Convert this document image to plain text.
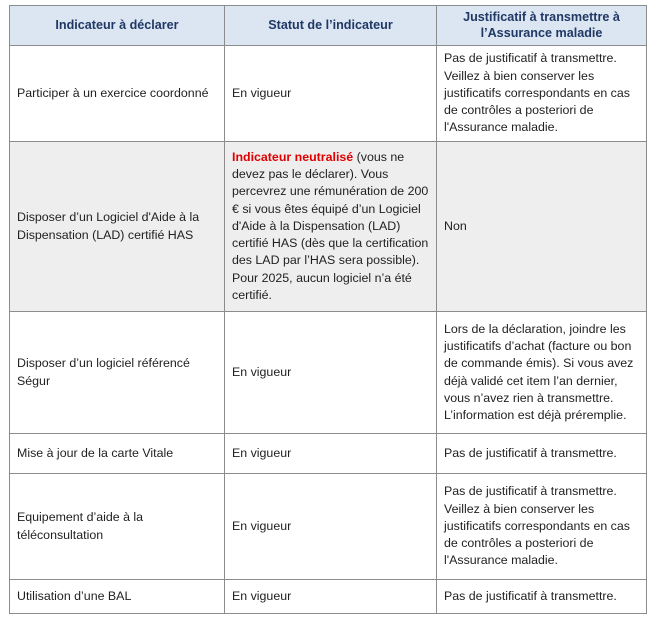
Indicateur à déclarer	Statut de l’indicateur	Justificatif à transmettre à l’Assurance maladie
Participer à un exercice coordonné	En vigueur	Pas de justificatif à transmettre. Veillez à bien conserver les justificatifs correspondants en cas de contrôles a posteriori de l'Assurance maladie.
Disposer d’un Logiciel d'Aide à la Dispensation (LAD) certifié HAS	Indicateur neutralisé (vous ne devez pas le déclarer). Vous percevrez une rémunération de 200 € si vous êtes équipé d’un Logiciel d'Aide à la Dispensation (LAD) certifié HAS (dès que la certification des LAD par l’HAS sera possible). Pour 2025, aucun logiciel n’a été certifié.	Non
Disposer d’un logiciel référencé Ségur	En vigueur	Lors de la déclaration, joindre les justificatifs d’achat (facture ou bon de commande émis). Si vous avez déjà validé cet item l’an dernier, vous n’avez rien à transmettre. L’information est déjà préremplie.
Mise à jour de la carte Vitale	En vigueur	Pas de justificatif à transmettre.
Equipement d’aide à la téléconsultation	En vigueur	Pas de justificatif à transmettre. Veillez à bien conserver les justificatifs correspondants en cas de contrôles a posteriori de l'Assurance maladie.
Utilisation d’une BAL	En vigueur	Pas de justificatif à transmettre.
